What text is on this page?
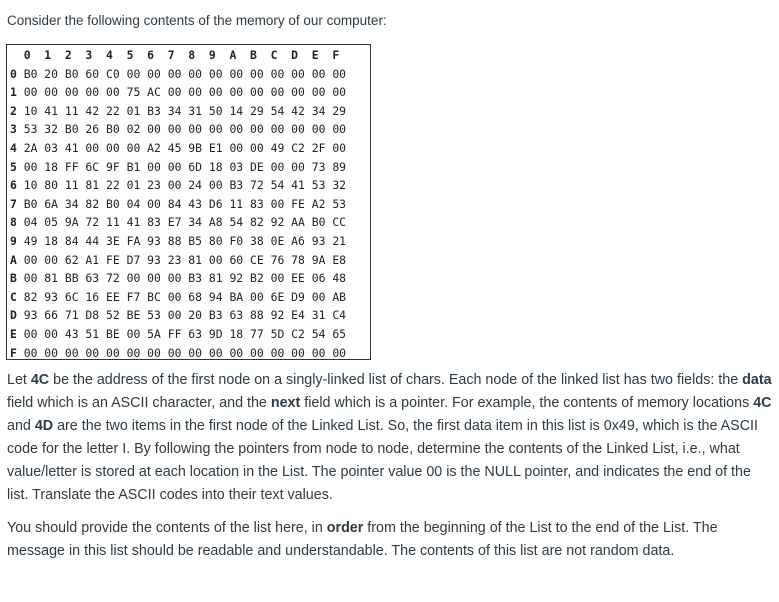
Consider the following contents of the memory of our computer:
0  1  2  3  4  5  6  7  8  9  A  B  C  D  E  F
0 B0 20 B0 60 C0 00 00 00 00 00 00 00 00 00 00 00
1 00 00 00 00 00 75 AC 00 00 00 00 00 00 00 00 00
2 10 41 11 42 22 01 B3 34 31 50 14 29 54 42 34 29
3 53 32 B0 26 B0 02 00 00 00 00 00 00 00 00 00 00
4 2A 03 41 00 00 00 A2 45 9B E1 00 00 49 C2 2F 00
5 00 18 FF 6C 9F B1 00 00 6D 18 03 DE 00 00 73 89
6 10 80 11 81 22 01 23 00 24 00 B3 72 54 41 53 32
7 B0 6A 34 82 B0 04 00 84 43 D6 11 83 00 FE A2 53
8 04 05 9A 72 11 41 83 E7 34 A8 54 82 92 AA B0 CC
9 49 18 84 44 3E FA 93 88 B5 80 F0 38 0E A6 93 21
A 00 00 62 A1 FE D7 93 23 81 00 60 CE 76 78 9A E8
B 00 81 BB 63 72 00 00 00 B3 81 92 B2 00 EE 06 48
C 82 93 6C 16 EE F7 BC 00 68 94 BA 00 6E D9 00 AB
D 93 66 71 D8 52 BE 53 00 20 B3 63 88 92 E4 31 C4
E 00 00 43 51 BE 00 5A FF 63 9D 18 77 5D C2 54 65
F 00 00 00 00 00 00 00 00 00 00 00 00 00 00 00 00

Let 4C be the address of the first node on a singly-linked list of chars. Each node of the linked list has two fields: the data field which is an ASCII character, and the next field which is a pointer. For example, the contents of memory locations 4C and 4D are the two items in the first node of the Linked List. So, the first data item in this list is 0x49, which is the ASCII code for the letter I. By following the pointers from node to node, determine the contents of the Linked List, i.e., what value/letter is stored at each location in the List. The pointer value 00 is the NULL pointer, and indicates the end of the list. Translate the ASCII codes into their text values.

You should provide the contents of the list here, in order from the beginning of the List to the end of the List. The message in this list should be readable and understandable. The contents of this list are not random data.
